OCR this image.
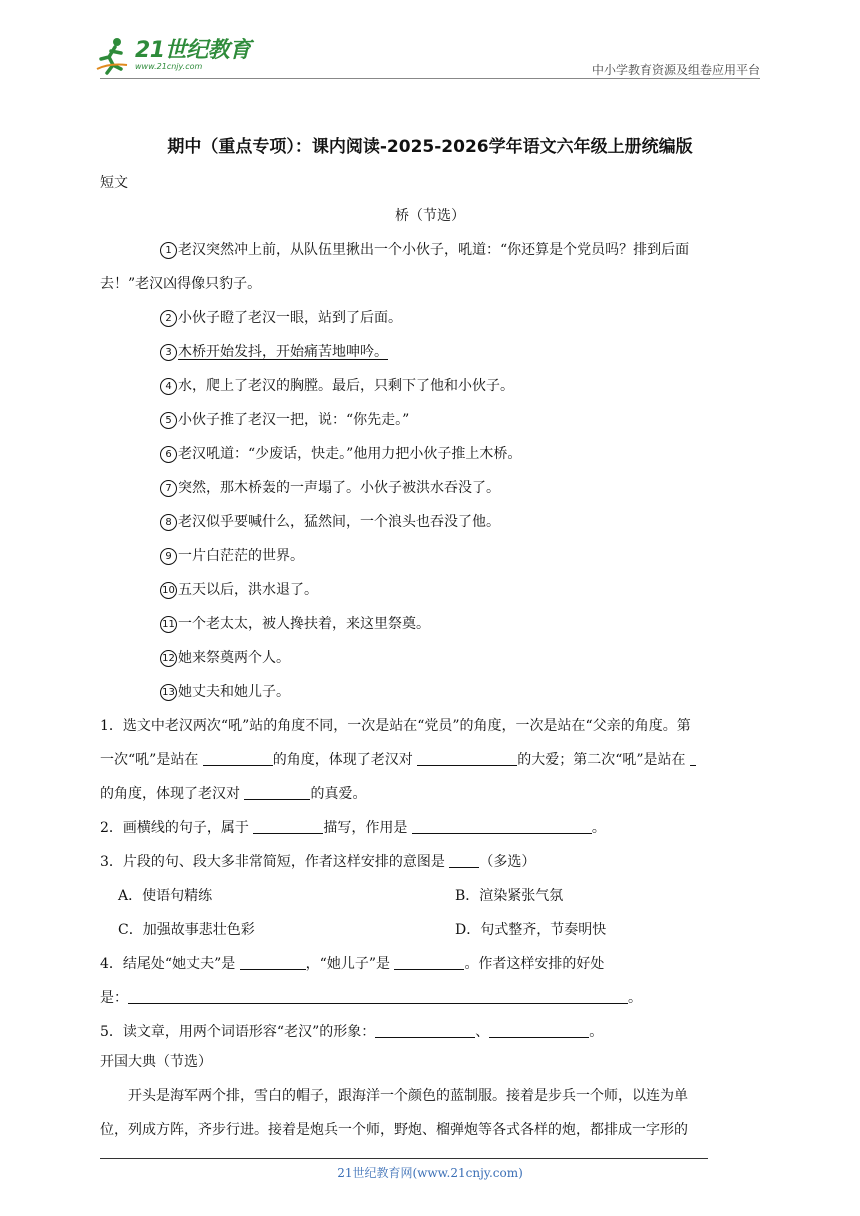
21世纪教育
www.21cnjy.com	中小学教育资源及组卷应用平台
期中（重点专项）：课内阅读-2025-2026学年语文六年级上册统编版
短文
桥（节选）
1 老汉突然冲上前，从队伍里揪出一个小伙子，吼道：“你还算是个党员吗？排到后面
去！”老汉凶得像只豹子。
2 小伙子瞪了老汉一眼，站到了后面。
3 木桥开始发抖，开始痛苦地呻吟。
4 水，爬上了老汉的胸膛。最后，只剩下了他和小伙子。
5 小伙子推了老汉一把，说：“你先走。”
6 老汉吼道：“少废话，快走。”他用力把小伙子推上木桥。
7 突然，那木桥轰的一声塌了。小伙子被洪水吞没了。
8 老汉似乎要喊什么，猛然间，一个浪头也吞没了他。
9 一片白茫茫的世界。
10 五天以后，洪水退了。
11 一个老太太，被人搀扶着，来这里祭奠。
12 她来祭奠两个人。
13 她丈夫和她儿子。
1．选文中老汉两次“吼”站的角度不同，一次是站在“党员”的角度，一次是站在“父亲的角度。第
一次“吼”是站在	的角度，体现了老汉对	的大爱；第二次“吼”是站在
的角度，体现了老汉对	的真爱。
2．画横线的句子，属于	描写，作用是	。
3．片段的句、段大多非常简短，作者这样安排的意图是 （多选）
A．使语句精练	B．渲染紧张气氛
C．加强故事悲壮色彩	D．句式整齐，节奏明快
4．结尾处“她丈夫”是	，“她儿子”是	。作者这样安排的好处
是：	。
5．读文章，用两个词语形容“老汉”的形象：	、	。
开国大典（节选）
开头是海军两个排，雪白的帽子，跟海洋一个颜色的蓝制服。接着是步兵一个师，以连为单
位，列成方阵，齐步行进。接着是炮兵一个师，野炮、榴弹炮等各式各样的炮，都排成一字形的
21世纪教育网(www.21cnjy.com)
